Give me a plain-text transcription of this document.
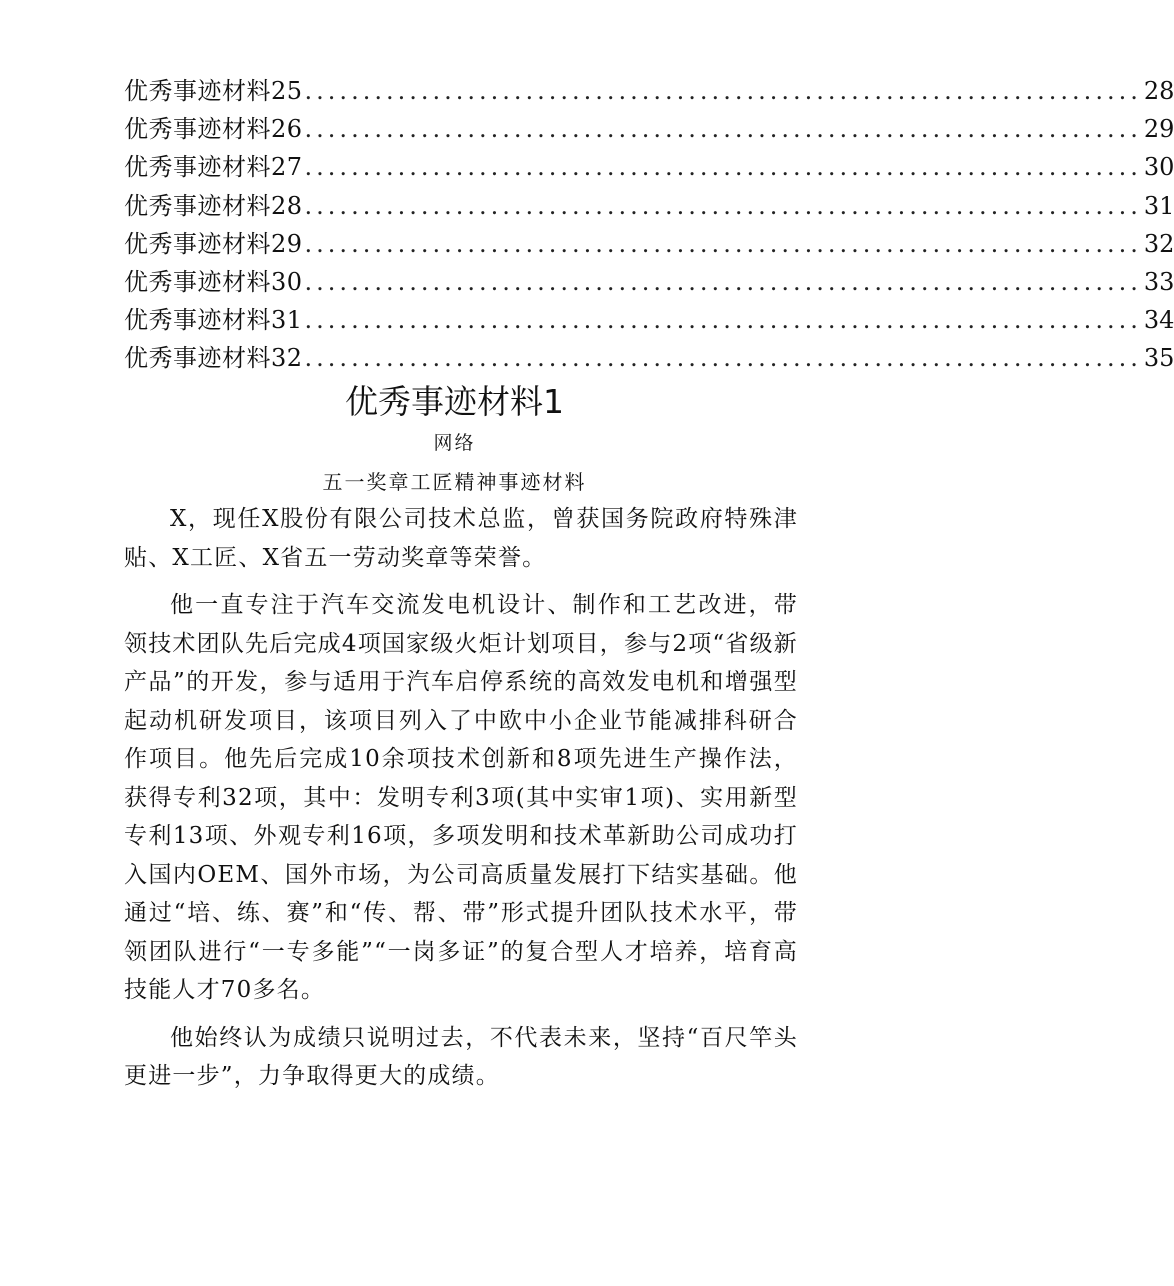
优秀事迹材料25 ........................................................................ 28
优秀事迹材料26 ........................................................................ 29
优秀事迹材料27 ........................................................................ 30
优秀事迹材料28 ........................................................................ 31
优秀事迹材料29 ........................................................................ 32
优秀事迹材料30 ........................................................................ 33
优秀事迹材料31 ........................................................................ 34
优秀事迹材料32 ........................................................................ 35
优秀事迹材料1
网络
五一奖章工匠精神事迹材料

X，现任X股份有限公司技术总监，曾获国务院政府特殊津贴、X工匠、X省五一劳动奖章等荣誉。

他一直专注于汽车交流发电机设计、制作和工艺改进，带领技术团队先后完成4项国家级火炬计划项目，参与2项“省级新产品”的开发，参与适用于汽车启停系统的高效发电机和增强型起动机研发项目，该项目列入了中欧中小企业节能减排科研合作项目。他先后完成10余项技术创新和8项先进生产操作法，获得专利32项，其中：发明专利3项(其中实审1项)、实用新型专利13项、外观专利16项，多项发明和技术革新助公司成功打入国内OEM、国外市场，为公司高质量发展打下结实基础。他通过“培、练、赛”和“传、帮、带”形式提升团队技术水平，带领团队进行“一专多能”“一岗多证”的复合型人才培养，培育高技能人才70多名。

他始终认为成绩只说明过去，不代表未来，坚持“百尺竿头更进一步”，力争取得更大的成绩。
